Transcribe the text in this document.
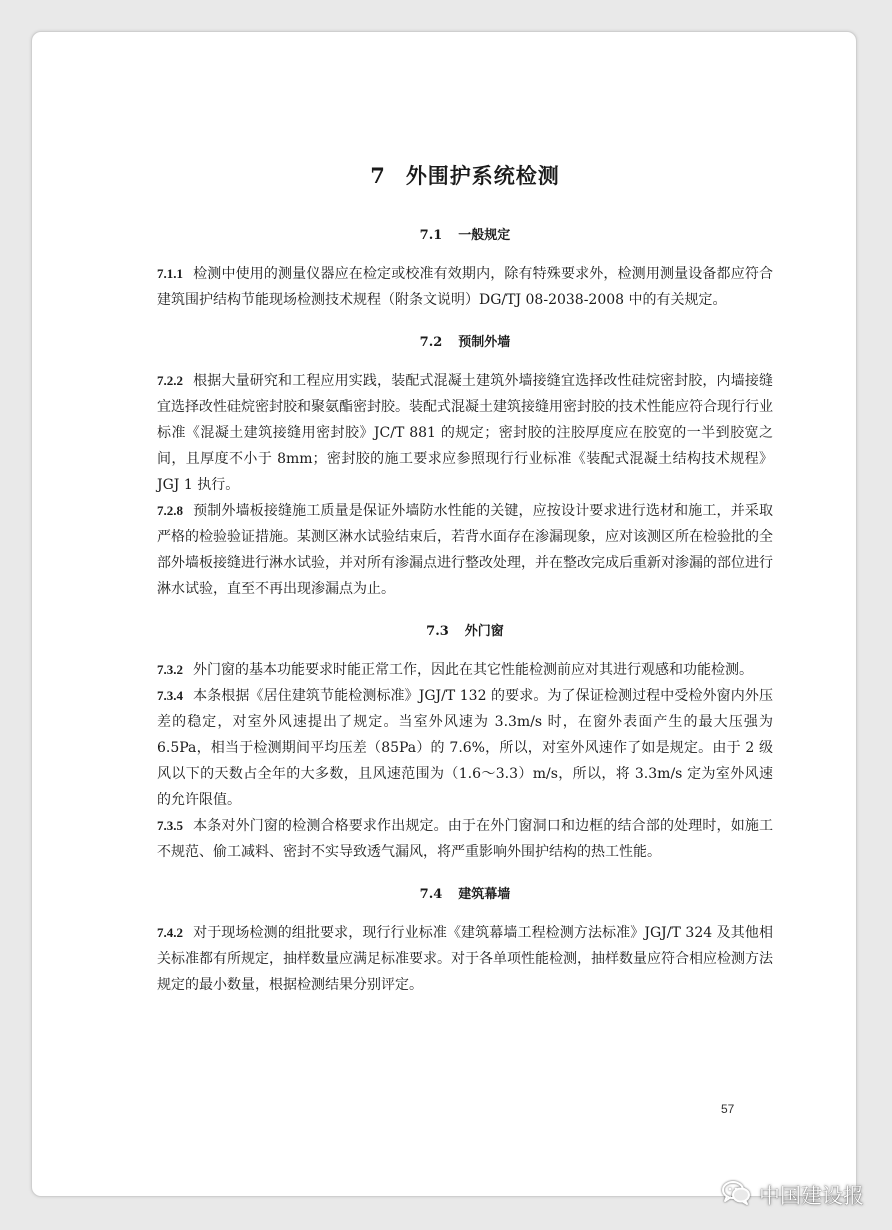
7 外围护系统检测
7.1 一般规定

7.1.1 检测中使用的测量仪器应在检定或校准有效期内，除有特殊要求外，检测用测量设备都应符合建筑围护结构节能现场检测技术规程（附条文说明）DG/TJ 08-2038-2008 中的有关规定。

7.2 预制外墙

7.2.2 根据大量研究和工程应用实践，装配式混凝土建筑外墙接缝宜选择改性硅烷密封胶，内墙接缝宜选择改性硅烷密封胶和聚氨酯密封胶。装配式混凝土建筑接缝用密封胶的技术性能应符合现行行业标准《混凝土建筑接缝用密封胶》JC/T 881 的规定；密封胶的注胶厚度应在胶宽的一半到胶宽之间，且厚度不小于 8mm；密封胶的施工要求应参照现行行业标准《装配式混凝土结构技术规程》JGJ 1 执行。

7.2.8 预制外墙板接缝施工质量是保证外墙防水性能的关键，应按设计要求进行选材和施工，并采取严格的检验验证措施。某测区淋水试验结束后，若背水面存在渗漏现象，应对该测区所在检验批的全部外墙板接缝进行淋水试验，并对所有渗漏点进行整改处理，并在整改完成后重新对渗漏的部位进行淋水试验，直至不再出现渗漏点为止。

7.3 外门窗

7.3.2 外门窗的基本功能要求时能正常工作，因此在其它性能检测前应对其进行观感和功能检测。

7.3.4 本条根据《居住建筑节能检测标准》JGJ/T 132 的要求。为了保证检测过程中受检外窗内外压差的稳定，对室外风速提出了规定。当室外风速为 3.3m/s 时，在窗外表面产生的最大压强为 6.5Pa，相当于检测期间平均压差（85Pa）的 7.6%，所以，对室外风速作了如是规定。由于 2 级风以下的天数占全年的大多数，且风速范围为（1.6～3.3）m/s，所以，将 3.3m/s 定为室外风速的允许限值。

7.3.5 本条对外门窗的检测合格要求作出规定。由于在外门窗洞口和边框的结合部的处理时，如施工不规范、偷工减料、密封不实导致透气漏风，将严重影响外围护结构的热工性能。

7.4 建筑幕墙

7.4.2 对于现场检测的组批要求，现行行业标准《建筑幕墙工程检测方法标准》JGJ/T 324 及其他相关标准都有所规定，抽样数量应满足标准要求。对于各单项性能检测，抽样数量应符合相应检测方法规定的最小数量，根据检测结果分别评定。

57
中国建设报
